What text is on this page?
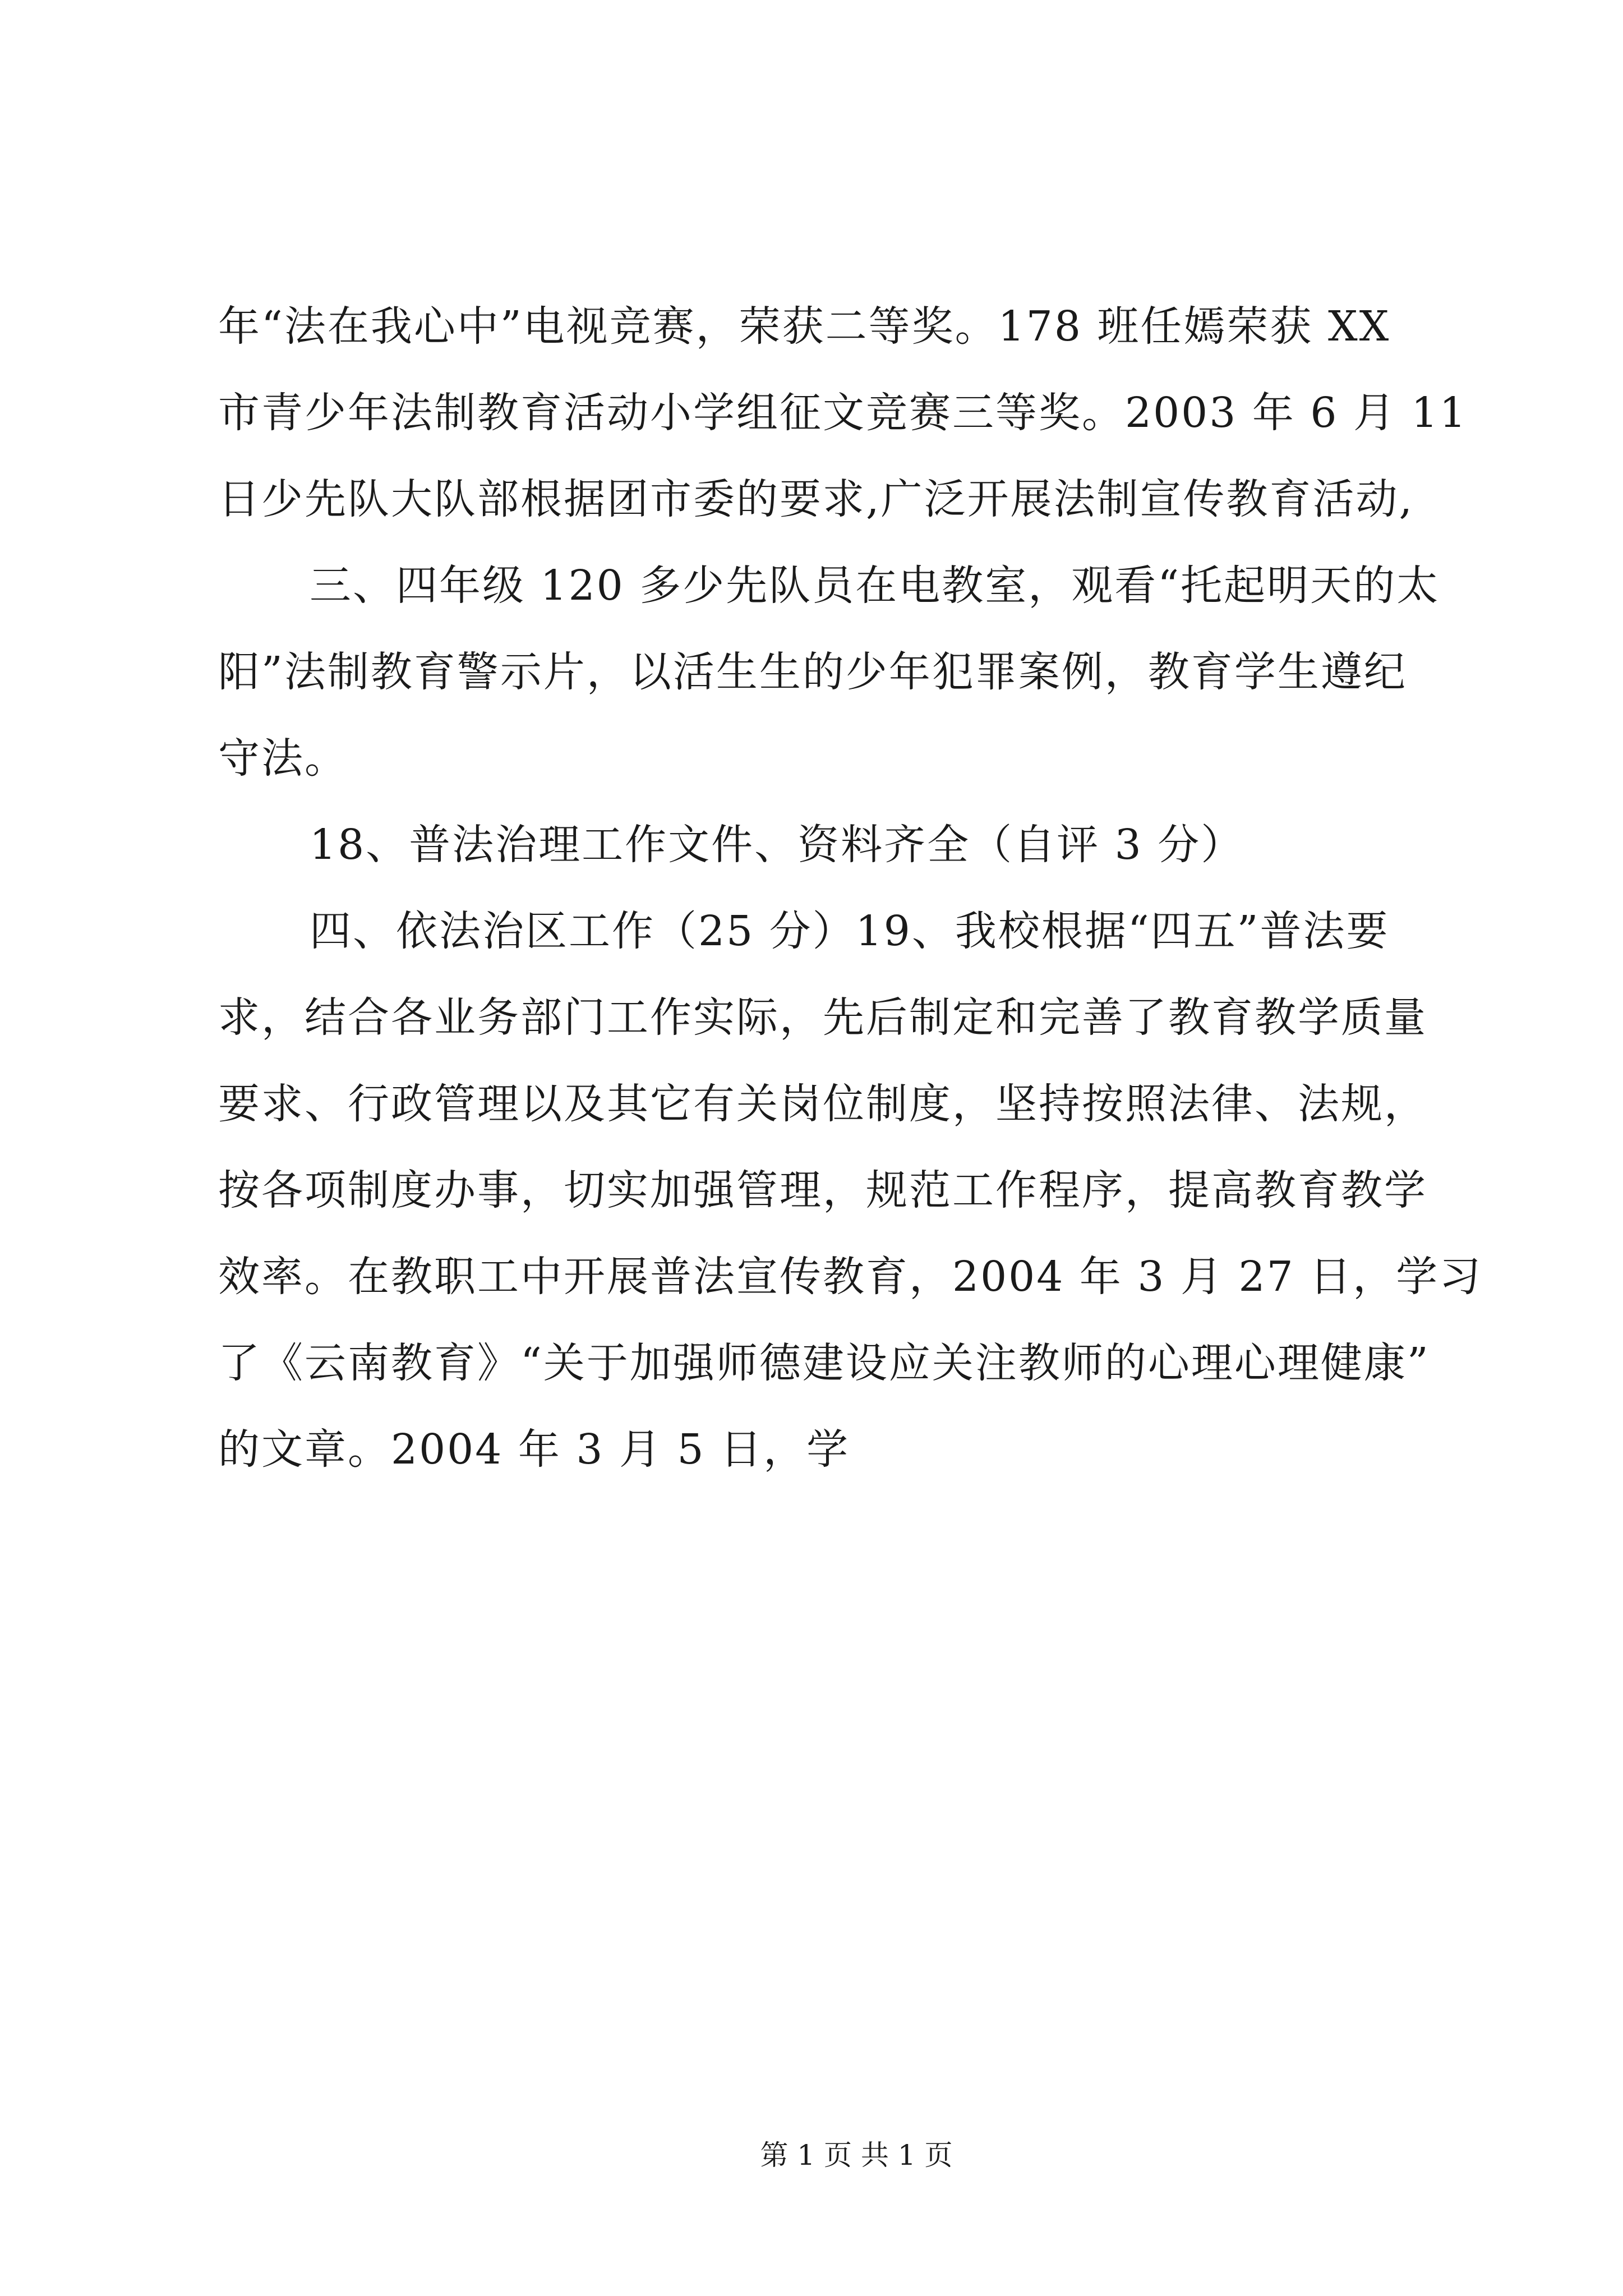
年“法在我心中”电视竞赛，荣获二等奖。178 班任嫣荣获 XX
市青少年法制教育活动小学组征文竞赛三等奖。2003 年 6 月 11
日少先队大队部根据团市委的要求,广泛开展法制宣传教育活动,
三、四年级 120 多少先队员在电教室，观看“托起明天的太
阳”法制教育警示片，以活生生的少年犯罪案例，教育学生遵纪
守法。
18、普法治理工作文件、资料齐全（自评 3 分）
四、依法治区工作（25 分）19、我校根据“四五”普法要
求，结合各业务部门工作实际，先后制定和完善了教育教学质量
要求、行政管理以及其它有关岗位制度，坚持按照法律、法规，
按各项制度办事，切实加强管理，规范工作程序，提高教育教学
效率。在教职工中开展普法宣传教育，2004 年 3 月 27 日，学习
了《云南教育》“关于加强师德建设应关注教师的心理心理健康”
的文章。2004 年 3 月 5 日，学
第 1 页 共 1 页
